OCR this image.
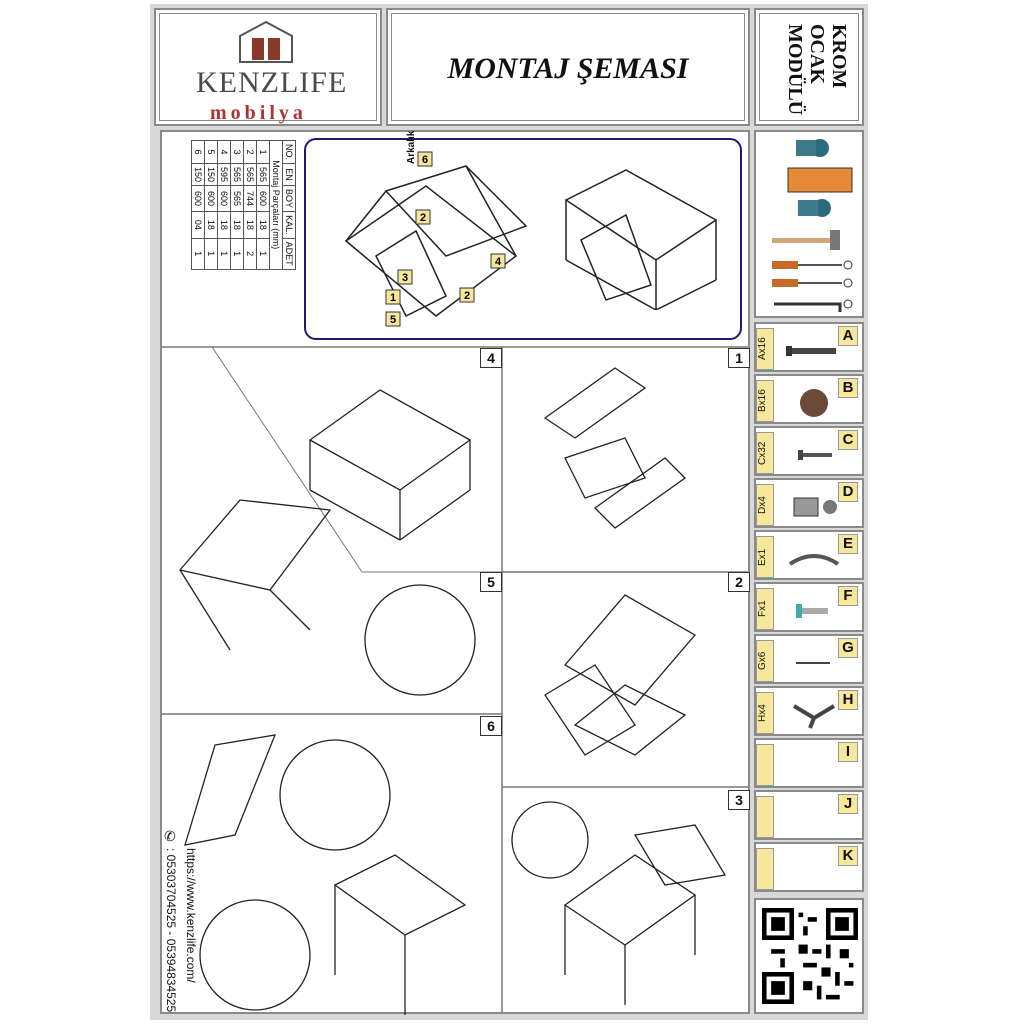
KENZLIFE
mobilya
MONTAJ ŞEMASI	KROM
OCAK
MODÜLÜ
NO.	EN	BOY	KAL.	ADET
Montaj Parçaları (mm)				
1	565	600	18	1
2	565	744	18	2
3	565	565	18	1
4	595	600	18	1
5	150	600	18	1
6	150	600	04	1
Arkalık
2
4
3
2
1
5
6
1
2
3
4
5
6
: 05303704525 - 05394834525 https://www.kenzlife.com/
✆
A
Ax16
B
Bx16
C
Cx32
D
Dx4
E
Ex1
F
Fx1
G
Gx6
H
Hx4
I
J
K
